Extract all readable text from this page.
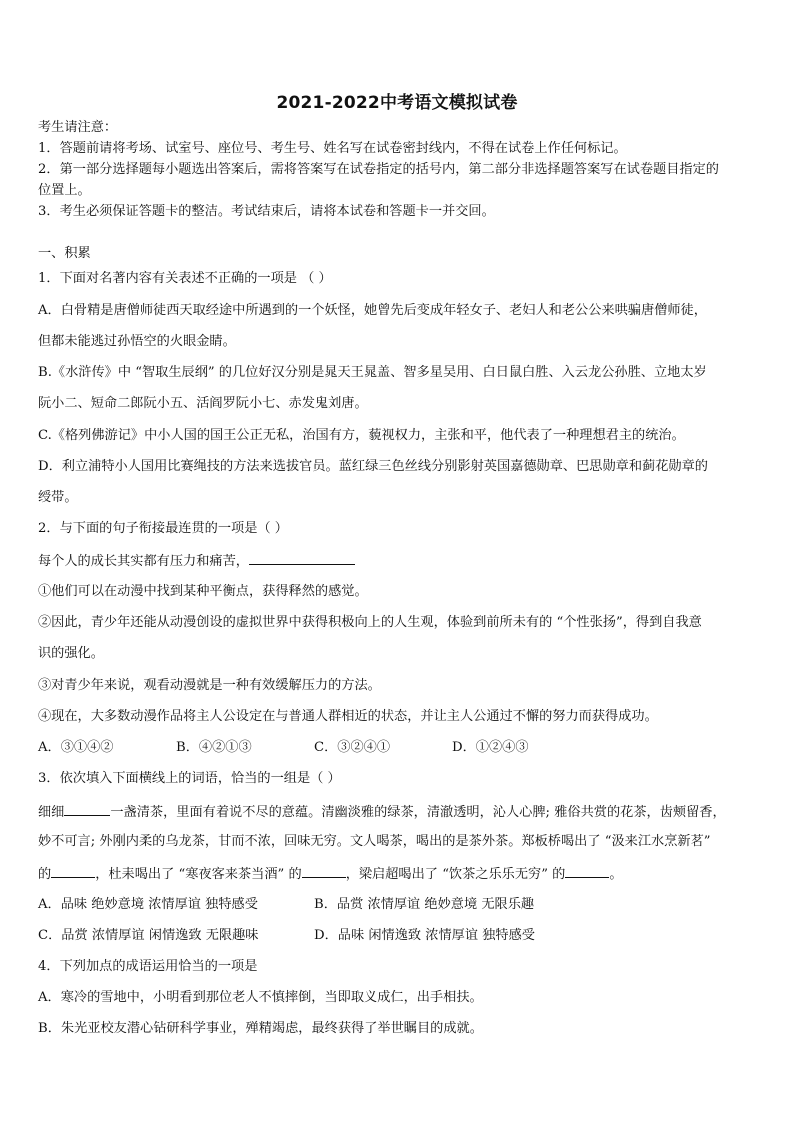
2021-2022中考语文模拟试卷
考生请注意：
1．答题前请将考场、试室号、座位号、考生号、姓名写在试卷密封线内，不得在试卷上作任何标记。
2．第一部分选择题每小题选出答案后，需将答案写在试卷指定的括号内，第二部分非选择题答案写在试卷题目指定的
位置上。
3．考生必须保证答题卡的整洁。考试结束后，请将本试卷和答题卡一并交回。
一、积累
1．下面对名著内容有关表述不正确的一项是 （ ）
A．白骨精是唐僧师徒西天取经途中所遇到的一个妖怪，她曾先后变成年轻女子、老妇人和老公公来哄骗唐僧师徒，
但都未能逃过孙悟空的火眼金睛。
B.《水浒传》中 “智取生辰纲” 的几位好汉分别是晁天王晁盖、智多星吴用、白日鼠白胜、入云龙公孙胜、立地太岁
阮小二、短命二郎阮小五、活阎罗阮小七、赤发鬼刘唐。
C.《格列佛游记》中小人国的国王公正无私，治国有方，藐视权力，主张和平，他代表了一种理想君主的统治。
D．利立浦特小人国用比赛绳技的方法来选拔官员。蓝红绿三色丝线分别影射英国嘉德勋章、巴思勋章和蓟花勋章的
绶带。
2．与下面的句子衔接最连贯的一项是（ ）
每个人的成长其实都有压力和痛苦，
①他们可以在动漫中找到某种平衡点，获得释然的感觉。
②因此，青少年还能从动漫创设的虚拟世界中获得积极向上的人生观，体验到前所未有的 “个性张扬”，得到自我意
识的强化。
③对青少年来说，观看动漫就是一种有效缓解压力的方法。
④现在，大多数动漫作品将主人公设定在与普通人群相近的状态，并让主人公通过不懈的努力而获得成功。
A．③①④②	B．④②①③	C．③②④①	D．①②④③
3．依次填入下面横线上的词语，恰当的一组是（ ）
细细	一盏清茶，里面有着说不尽的意蕴。清幽淡雅的绿茶，清澈透明，沁人心脾; 雅俗共赏的花茶，齿颊留香，
妙不可言; 外刚内柔的乌龙茶，甘而不浓，回味无穷。文人喝茶，喝出的是茶外茶。郑板桥喝出了 “汲来江水烹新茗”
的	，杜耒喝出了 “寒夜客来茶当酒” 的	，梁启超喝出了 “饮茶之乐乐无穷” 的	。
A．品味 绝妙意境 浓情厚谊 独特感受	B．品赏 浓情厚谊 绝妙意境 无限乐趣
C．品赏 浓情厚谊 闲情逸致 无限趣味	D．品味 闲情逸致 浓情厚谊 独特感受
4．下列加点的成语运用恰当的一项是
A．寒冷的雪地中，小明看到那位老人不慎摔倒，当即取义成仁，出手相扶。
B．朱光亚校友潜心钻研科学事业，殚精竭虑，最终获得了举世瞩目的成就。
